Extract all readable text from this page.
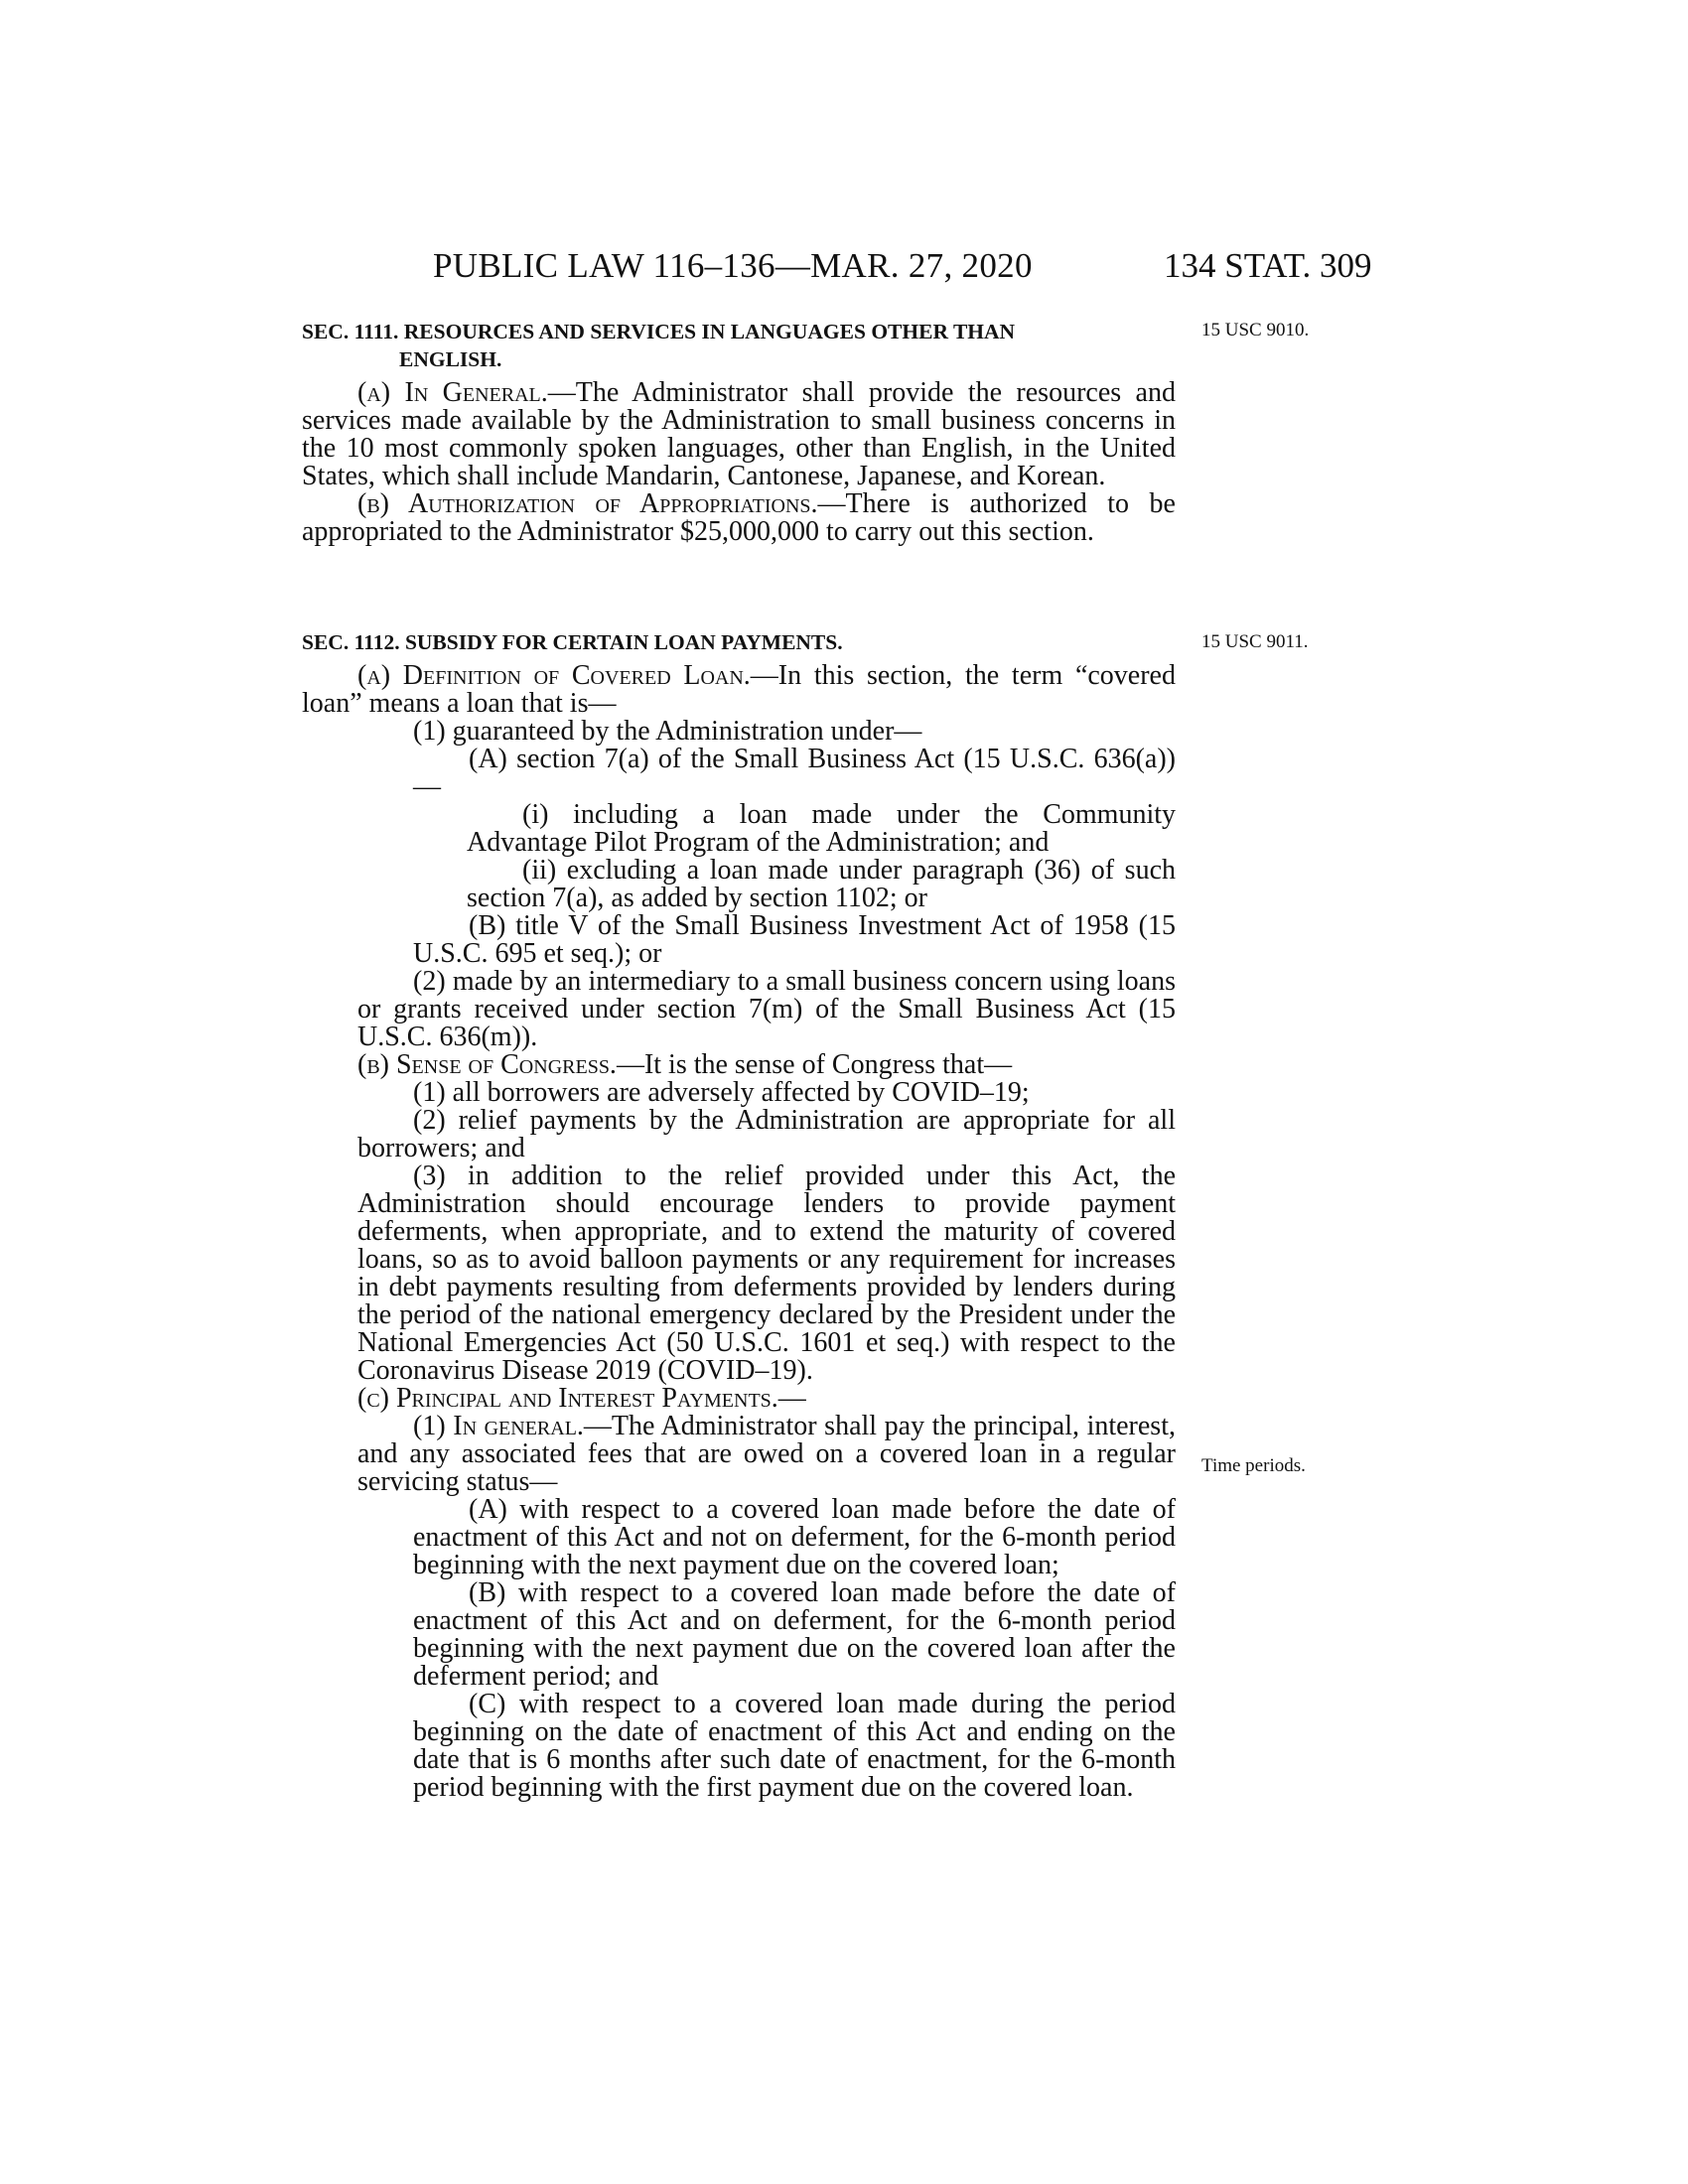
PUBLIC LAW 116–136—MAR. 27, 2020	134 STAT. 309
15 USC 9010.
15 USC 9011.
Time periods.
SEC. 1111. RESOURCES AND SERVICES IN LANGUAGES OTHER THAN
ENGLISH.
(a) In General.—The Administrator shall provide the resources and services made available by the Administration to small business concerns in the 10 most commonly spoken languages, other than English, in the United States, which shall include Mandarin, Cantonese, Japanese, and Korean.
(b) Authorization of Appropriations.—There is authorized to be appropriated to the Administrator $25,000,000 to carry out this section.
SEC. 1112. SUBSIDY FOR CERTAIN LOAN PAYMENTS.
(a) Definition of Covered Loan.—In this section, the term “covered loan” means a loan that is—
(1) guaranteed by the Administration under—
(A) section 7(a) of the Small Business Act (15 U.S.C. 636(a))—
(i) including a loan made under the Community Advantage Pilot Program of the Administration; and
(ii) excluding a loan made under paragraph (36) of such section 7(a), as added by section 1102; or
(B) title V of the Small Business Investment Act of 1958 (15 U.S.C. 695 et seq.); or
(2) made by an intermediary to a small business concern using loans or grants received under section 7(m) of the Small Business Act (15 U.S.C. 636(m)).
(b) Sense of Congress.—It is the sense of Congress that—
(1) all borrowers are adversely affected by COVID–19;
(2) relief payments by the Administration are appropriate for all borrowers; and
(3) in addition to the relief provided under this Act, the Administration should encourage lenders to provide payment deferments, when appropriate, and to extend the maturity of covered loans, so as to avoid balloon payments or any requirement for increases in debt payments resulting from deferments provided by lenders during the period of the national emergency declared by the President under the National Emergencies Act (50 U.S.C. 1601 et seq.) with respect to the Coronavirus Disease 2019 (COVID–19).
(c) Principal and Interest Payments.—
(1) In general.—The Administrator shall pay the principal, interest, and any associated fees that are owed on a covered loan in a regular servicing status—
(A) with respect to a covered loan made before the date of enactment of this Act and not on deferment, for the 6-month period beginning with the next payment due on the covered loan;
(B) with respect to a covered loan made before the date of enactment of this Act and on deferment, for the 6-month period beginning with the next payment due on the covered loan after the deferment period; and
(C) with respect to a covered loan made during the period beginning on the date of enactment of this Act and ending on the date that is 6 months after such date of enactment, for the 6-month period beginning with the first payment due on the covered loan.
